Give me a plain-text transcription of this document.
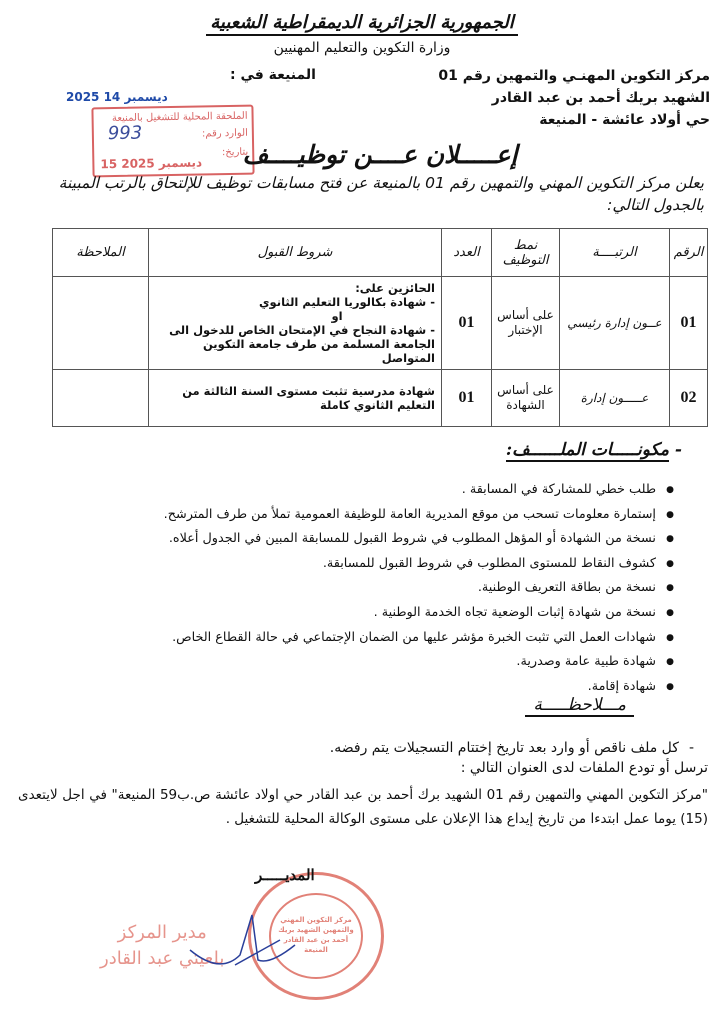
الجمهورية الجزائرية الديمقراطية الشعبية
وزارة التكوين والتعليم المهنيين
مركز التكوين المهنـي والتمهين رقم 01
الشهيد بريك أحمد بن عبد القادر
حي أولاد عائشة - المنيعة
المنيعة في :
2025 ديسمبر 14
الملحقة المحلية للتشغيل بالمنيعة
الوارد رقم:
بتاريخ:
993
15 ديسمبر 2025	إعـــــلان عــــن توظيــــف
يعلن مركز التكوين المهني والتمهين رقم 01 بالمنيعة عن فتح مسابقات توظيف للإلتحاق بالرتب المبينة بالجدول التالي:
الرقم	الرتبــــة	نمط التوظيف	العدد	شروط القبول	الملاحظة
01	عــون إدارة رئيسي	على أساس الإختبار	01	الحائزين على:
- شهادة بكالوريا التعليم الثانوي
او
- شهادة النجاح في الإمتحان الخاص للدخول الى الجامعة المسلمة من طرف جامعة التكوين المتواصل	

02	عـــــون إدارة	على أساس الشهادة	01	شهادة مدرسية تثبت مستوى السنة الثالثة من التعليم الثانوي كاملة	
- مكونـــــات الملــــــف:
● طلب خطي للمشاركة في المسابقة .
● إستمارة معلومات تسحب من موقع المديرية العامة للوظيفة العمومية تملأ من طرف المترشح.
● نسخة من الشهادة أو المؤهل المطلوب في شروط القبول للمسابقة المبين في الجدول أعلاه.
● كشوف النقاط للمستوى المطلوب في شروط القبول للمسابقة.
● نسخة من بطاقة التعريف الوطنية.
● نسخة من شهادة إثبات الوضعية تجاه الخدمة الوطنية .
● شهادات العمل التي تثبت الخبرة مؤشر عليها من الضمان الإجتماعي في حالة القطاع الخاص.
● شهادة طبية عامة وصدرية.
● شهادة إقامة.
مـــلاحظـــــة
-كل ملف ناقص أو وارد بعد تاريخ إختتام التسجيلات يتم رفضه.
ترسل أو تودع الملفات لدى العنوان التالي :
"مركز التكوين المهني والتمهين رقم 01 الشهيد برك أحمد بن عبد القادر حي اولاد عائشة ص.ب59 المنيعة" في اجل لايتعدى (15) يوما عمل ابتدءا من تاريخ إيداع هذا الإعلان على مستوى الوكالة المحلية للتشغيل .
مركز التكوين المهني والتمهين الشهيد بريك أحمد بن عبد القادر المنيعة
المديـــــر
مدير المركز
بلعيتي عبد القادر
